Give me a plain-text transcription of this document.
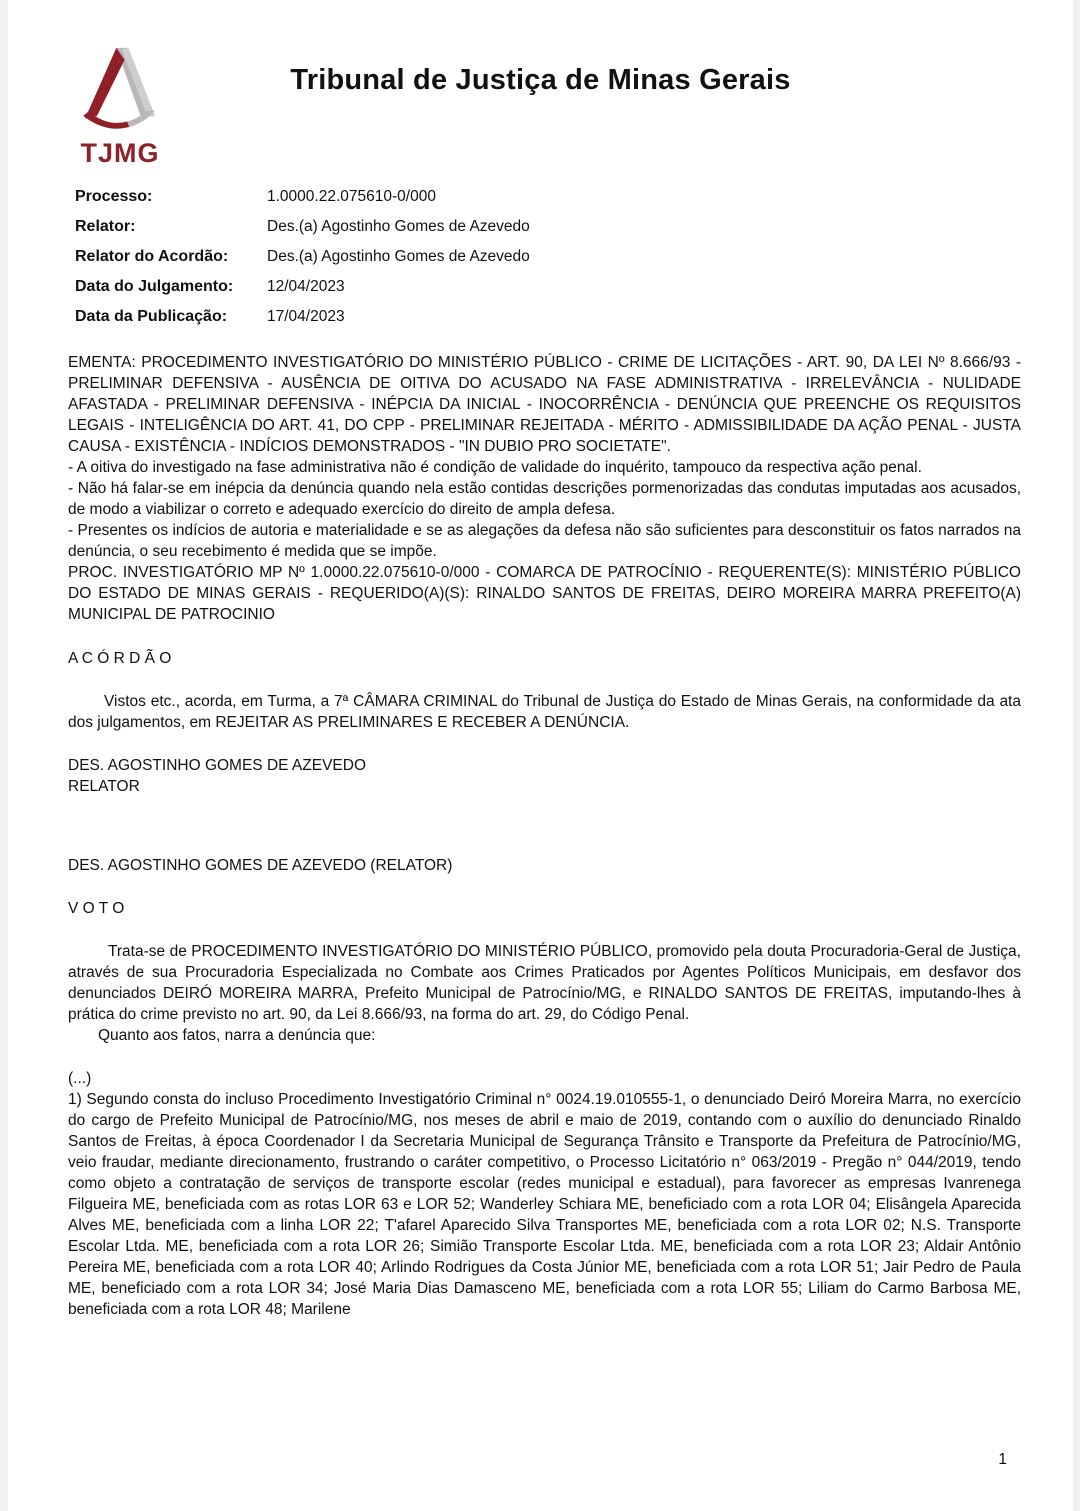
TJMG
Tribunal de Justiça de Minas Gerais
Processo:	1.0000.22.075610-0/000
Relator:	Des.(a) Agostinho Gomes de Azevedo
Relator do Acordão:	Des.(a) Agostinho Gomes de Azevedo
Data do Julgamento:	12/04/2023
Data da Publicação:	17/04/2023

EMENTA: PROCEDIMENTO INVESTIGATÓRIO DO MINISTÉRIO PÚBLICO - CRIME DE LICITAÇÕES - ART. 90, DA LEI Nº 8.666/93 - PRELIMINAR DEFENSIVA - AUSÊNCIA DE OITIVA DO ACUSADO NA FASE ADMINISTRATIVA - IRRELEVÂNCIA - NULIDADE AFASTADA - PRELIMINAR DEFENSIVA - INÉPCIA DA INICIAL - INOCORRÊNCIA - DENÚNCIA QUE PREENCHE OS REQUISITOS LEGAIS - INTELIGÊNCIA DO ART. 41, DO CPP - PRELIMINAR REJEITADA - MÉRITO - ADMISSIBILIDADE DA AÇÃO PENAL - JUSTA CAUSA - EXISTÊNCIA - INDÍCIOS DEMONSTRADOS - "IN DUBIO PRO SOCIETATE".

- A oitiva do investigado na fase administrativa não é condição de validade do inquérito, tampouco da respectiva ação penal.

- Não há falar-se em inépcia da denúncia quando nela estão contidas descrições pormenorizadas das condutas imputadas aos acusados, de modo a viabilizar o correto e adequado exercício do direito de ampla defesa.

- Presentes os indícios de autoria e materialidade e se as alegações da defesa não são suficientes para desconstituir os fatos narrados na denúncia, o seu recebimento é medida que se impõe.

PROC. INVESTIGATÓRIO MP Nº 1.0000.22.075610-0/000 - COMARCA DE PATROCÍNIO - REQUERENTE(S): MINISTÉRIO PÚBLICO DO ESTADO DE MINAS GERAIS - REQUERIDO(A)(S): RINALDO SANTOS DE FREITAS, DEIRO MOREIRA MARRA PREFEITO(A) MUNICIPAL DE PATROCINIO

A C Ó R D Ã O

Vistos etc., acorda, em Turma, a 7ª CÂMARA CRIMINAL do Tribunal de Justiça do Estado de Minas Gerais, na conformidade da ata dos julgamentos, em REJEITAR AS PRELIMINARES E RECEBER A DENÚNCIA.

DES. AGOSTINHO GOMES DE AZEVEDO

RELATOR

DES. AGOSTINHO GOMES DE AZEVEDO (RELATOR)

V O T O

Trata-se de PROCEDIMENTO INVESTIGATÓRIO DO MINISTÉRIO PÚBLICO, promovido pela douta Procuradoria-Geral de Justiça, através de sua Procuradoria Especializada no Combate aos Crimes Praticados por Agentes Políticos Municipais, em desfavor dos denunciados DEIRÓ MOREIRA MARRA, Prefeito Municipal de Patrocínio/MG, e RINALDO SANTOS DE FREITAS, imputando-lhes à prática do crime previsto no art. 90, da Lei 8.666/93, na forma do art. 29, do Código Penal.

Quanto aos fatos, narra a denúncia que:

(...)

1) Segundo consta do incluso Procedimento Investigatório Criminal n° 0024.19.010555-1, o denunciado Deiró Moreira Marra, no exercício do cargo de Prefeito Municipal de Patrocínio/MG, nos meses de abril e maio de 2019, contando com o auxílio do denunciado Rinaldo Santos de Freitas, à época Coordenador I da Secretaria Municipal de Segurança Trânsito e Transporte da Prefeitura de Patrocínio/MG, veio fraudar, mediante direcionamento, frustrando o caráter competitivo, o Processo Licitatório n° 063/2019 - Pregão n° 044/2019, tendo como objeto a contratação de serviços de transporte escolar (redes municipal e estadual), para favorecer as empresas Ivanrenega Filgueira ME, beneficiada com as rotas LOR 63 e LOR 52; Wanderley Schiara ME, beneficiado com a rota LOR 04; Elisângela Aparecida Alves ME, beneficiada com a linha LOR 22; T'afarel Aparecido Silva Transportes ME, beneficiada com a rota LOR 02; N.S. Transporte Escolar Ltda. ME, beneficiada com a rota LOR 26; Simião Transporte Escolar Ltda. ME, beneficiada com a rota LOR 23; Aldair Antônio Pereira ME, beneficiada com a rota LOR 40; Arlindo Rodrigues da Costa Júnior ME, beneficiada com a rota LOR 51; Jair Pedro de Paula ME, beneficiado com a rota LOR 34; José Maria Dias Damasceno ME, beneficiada com a rota LOR 55; Liliam do Carmo Barbosa ME, beneficiada com a rota LOR 48; Marilene

1
